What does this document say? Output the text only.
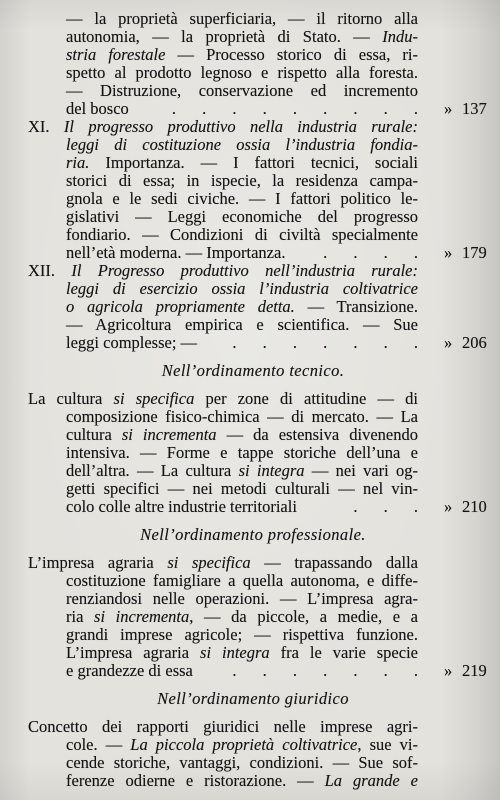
— la proprietà superficiaria, — il ritorno alla
autonomia, — la proprietà di Stato. — Indu-
stria forestale — Processo storico di essa, ri-
spetto al prodotto legnoso e rispetto alla foresta.
— Distruzione, conservazione ed incremento
del bosco	. . . . . . . . . » 137
XI. Il progresso produttivo nella industria rurale:
leggi di costituzione ossia l’industria fondia-
ria. Importanza. — I fattori tecnici, sociali
storici di essa; in ispecie, la residenza campa-
gnola e le sedi civiche. — I fattori politico le-
gislativi — Leggi economiche del progresso
fondiario. — Condizioni di civiltà specialmente
nell’età moderna. — Importanza.	. . . . » 179
XII. Il Progresso produttivo nell’industria rurale:
leggi di esercizio ossia l’industria coltivatrice
o agricola propriamente detta. — Transizione.
— Agricoltura empirica e scientifica. — Sue
leggi complesse; —	. . . . . . . » 206
Nell’ordinamento tecnico.
La cultura si specifica per zone di attitudine — di
composizione fisico-chimica — di mercato. — La
cultura si incrementa — da estensiva divenendo
intensiva. — Forme e tappe storiche dell’una e
dell’altra. — La cultura si integra — nei vari og-
getti specifici — nei metodi culturali — nel vin-
colo colle altre industrie territoriali	. . . » 210
Nell’ordinamento professionale.
L’impresa agraria si specifica — trapassando dalla
costituzione famigliare a quella autonoma, e diffe-
renziandosi nelle operazioni. — L’impresa agra-
ria si incrementa, — da piccole, a medie, e a
grandi imprese agricole; — rispettiva funzione.
L’impresa agraria si integra fra le varie specie
e grandezze di essa	. . . . . . . » 219
Nell’ordinamento giuridico
Concetto dei rapporti giuridici nelle imprese agri-
cole. — La piccola proprietà coltivatrice, sue vi-
cende storiche, vantaggi, condizioni. — Sue sof-
ferenze odierne e ristorazione. — La grande e
